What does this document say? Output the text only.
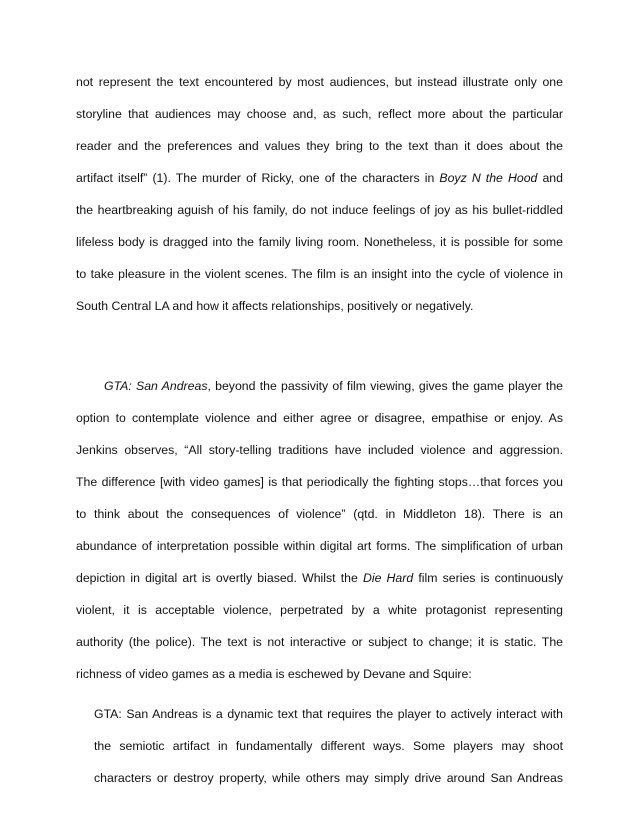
not represent the text encountered by most audiences, but instead illustrate only one
storyline that audiences may choose and, as such, reflect more about the particular
reader and the preferences and values they bring to the text than it does about the
artifact itself” (1). The murder of Ricky, one of the characters in Boyz N the Hood and
the heartbreaking aguish of his family, do not induce feelings of joy as his bullet-riddled
lifeless body is dragged into the family living room. Nonetheless, it is possible for some
to take pleasure in the violent scenes. The film is an insight into the cycle of violence in
South Central LA and how it affects relationships, positively or negatively.
GTA: San Andreas, beyond the passivity of film viewing, gives the game player the
option to contemplate violence and either agree or disagree, empathise or enjoy. As
Jenkins observes, “All story-telling traditions have included violence and aggression.
The difference [with video games] is that periodically the fighting stops…that forces you
to think about the consequences of violence” (qtd. in Middleton 18). There is an
abundance of interpretation possible within digital art forms. The simplification of urban
depiction in digital art is overtly biased. Whilst the Die Hard film series is continuously
violent, it is acceptable violence, perpetrated by a white protagonist representing
authority (the police). The text is not interactive or subject to change; it is static. The
richness of video games as a media is eschewed by Devane and Squire:
GTA: San Andreas is a dynamic text that requires the player to actively interact with
the semiotic artifact in fundamentally different ways. Some players may shoot
characters or destroy property, while others may simply drive around San Andreas
